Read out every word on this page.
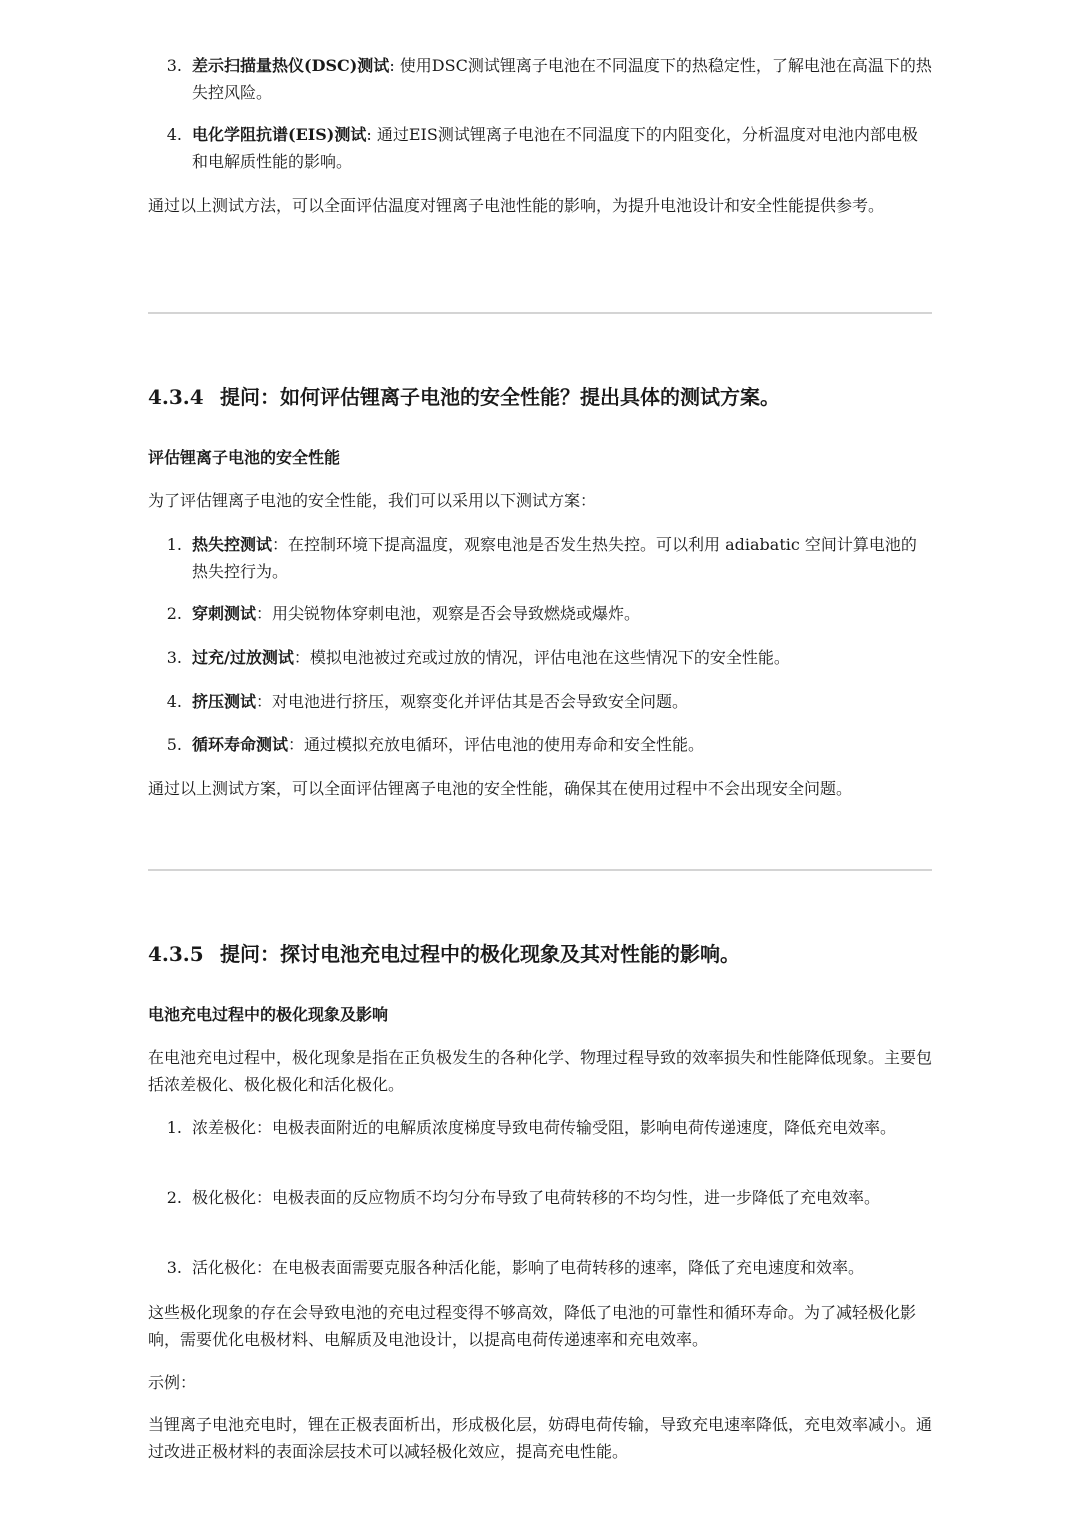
3. 差示扫描量热仪(DSC)测试: 使用DSC测试锂离子电池在不同温度下的热稳定性，了解电池在高温下的热失控风险。
4. 电化学阻抗谱(EIS)测试: 通过EIS测试锂离子电池在不同温度下的内阻变化，分析温度对电池内部电极和电解质性能的影响。

通过以上测试方法，可以全面评估温度对锂离子电池性能的影响，为提升电池设计和安全性能提供参考。

4.3.4 提问：如何评估锂离子电池的安全性能？提出具体的测试方案。
评估锂离子电池的安全性能

为了评估锂离子电池的安全性能，我们可以采用以下测试方案：

1. 热失控测试：在控制环境下提高温度，观察电池是否发生热失控。可以利用 adiabatic 空间计算电池的热失控行为。
2. 穿刺测试：用尖锐物体穿刺电池，观察是否会导致燃烧或爆炸。
3. 过充/过放测试：模拟电池被过充或过放的情况，评估电池在这些情况下的安全性能。
4. 挤压测试：对电池进行挤压，观察变化并评估其是否会导致安全问题。
5. 循环寿命测试：通过模拟充放电循环，评估电池的使用寿命和安全性能。

通过以上测试方案，可以全面评估锂离子电池的安全性能，确保其在使用过程中不会出现安全问题。

4.3.5 提问：探讨电池充电过程中的极化现象及其对性能的影响。
电池充电过程中的极化现象及影响

在电池充电过程中，极化现象是指在正负极发生的各种化学、物理过程导致的效率损失和性能降低现象。主要包括浓差极化、极化极化和活化极化。

1. 浓差极化：电极表面附近的电解质浓度梯度导致电荷传输受阻，影响电荷传递速度，降低充电效率。
2. 极化极化：电极表面的反应物质不均匀分布导致了电荷转移的不均匀性，进一步降低了充电效率。
3. 活化极化：在电极表面需要克服各种活化能，影响了电荷转移的速率，降低了充电速度和效率。

这些极化现象的存在会导致电池的充电过程变得不够高效，降低了电池的可靠性和循环寿命。为了减轻极化影响，需要优化电极材料、电解质及电池设计，以提高电荷传递速率和充电效率。

示例：

当锂离子电池充电时，锂在正极表面析出，形成极化层，妨碍电荷传输，导致充电速率降低，充电效率减小。通过改进正极材料的表面涂层技术可以减轻极化效应，提高充电性能。
